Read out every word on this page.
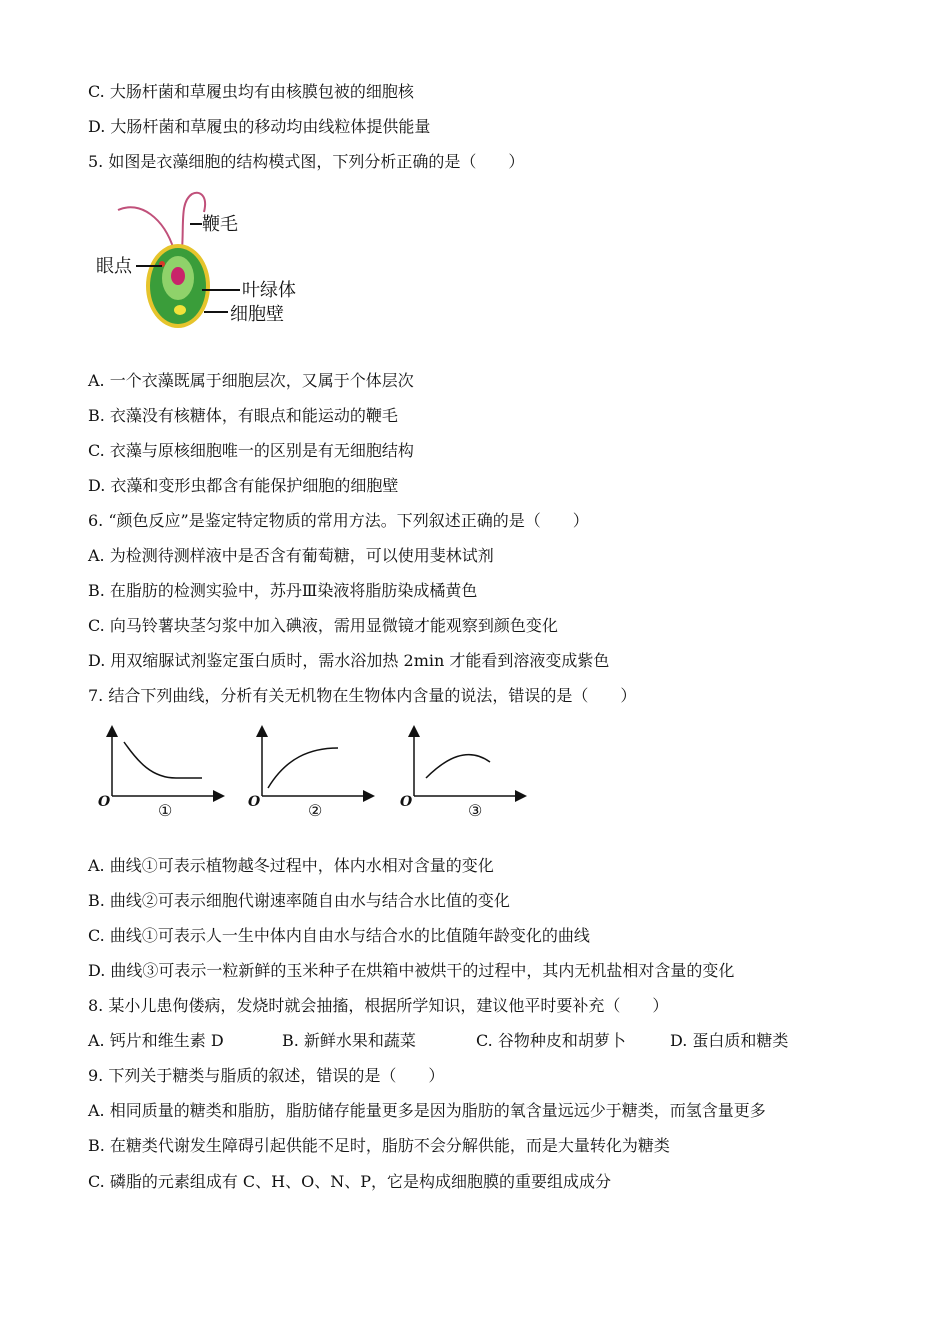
C. 大肠杆菌和草履虫均有由核膜包被的细胞核
D. 大肠杆菌和草履虫的移动均由线粒体提供能量
5. 如图是衣藻细胞的结构模式图，下列分析正确的是（　　）
鞭毛
眼点
叶绿体
细胞壁
A. 一个衣藻既属于细胞层次，又属于个体层次
B. 衣藻没有核糖体，有眼点和能运动的鞭毛
C. 衣藻与原核细胞唯一的区别是有无细胞结构
D. 衣藻和变形虫都含有能保护细胞的细胞壁
6. “颜色反应”是鉴定特定物质的常用方法。下列叙述正确的是（　　）
A. 为检测待测样液中是否含有葡萄糖，可以使用斐林试剂
B. 在脂肪的检测实验中，苏丹Ⅲ染液将脂肪染成橘黄色
C. 向马铃薯块茎匀浆中加入碘液，需用显微镜才能观察到颜色变化
D. 用双缩脲试剂鉴定蛋白质时，需水浴加热 2min 才能看到溶液变成紫色
7. 结合下列曲线，分析有关无机物在生物体内含量的说法，错误的是（　　）
O	①	O	②	O	③
A. 曲线①可表示植物越冬过程中，体内水相对含量的变化
B. 曲线②可表示细胞代谢速率随自由水与结合水比值的变化
C. 曲线①可表示人一生中体内自由水与结合水的比值随年龄变化的曲线
D. 曲线③可表示一粒新鲜的玉米种子在烘箱中被烘干的过程中，其内无机盐相对含量的变化
8. 某小儿患佝偻病，发烧时就会抽搐，根据所学知识，建议他平时要补充（　　）
A. 钙片和维生素 D	B. 新鲜水果和蔬菜	C. 谷物种皮和胡萝卜	D. 蛋白质和糖类
9. 下列关于糖类与脂质的叙述，错误的是（　　）
A. 相同质量的糖类和脂肪，脂肪储存能量更多是因为脂肪的氧含量远远少于糖类，而氢含量更多
B. 在糖类代谢发生障碍引起供能不足时，脂肪不会分解供能，而是大量转化为糖类
C. 磷脂的元素组成有 C、H、O、N、P，它是构成细胞膜的重要组成成分
